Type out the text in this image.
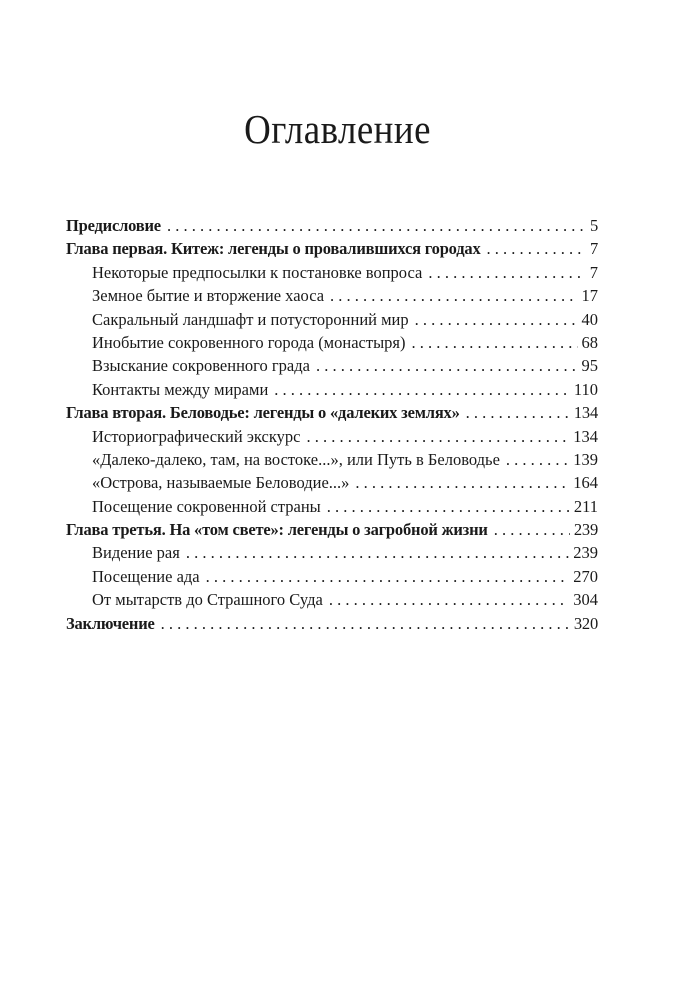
Оглавление
Предисловие . . .	5
Глава первая. Китеж: легенды о провалившихся городах . . .	7
Некоторые предпосылки к постановке вопроса . . .	7
Земное бытие и вторжение хаоса . . .	17
Сакральный ландшафт и потусторонний мир . . .	40
Инобытие сокровенного города (монастыря) . . .	68
Взыскание сокровенного града . . .	95
Контакты между мирами . . .	110
Глава вторая. Беловодье: легенды о «далеких землях» . . .	134
Историографический экскурс . . .	134
«Далеко-далеко, там, на востоке...», или Путь в Беловодье . . .	139
«Острова, называемые Беловодие...» . . .	164
Посещение сокровенной страны . . .	211
Глава третья. На «том свете»: легенды о загробной жизни . . .	239
Видение рая . . .	239
Посещение ада . . .	270
От мытарств до Страшного Суда . . .	304
Заключение . . .	320
